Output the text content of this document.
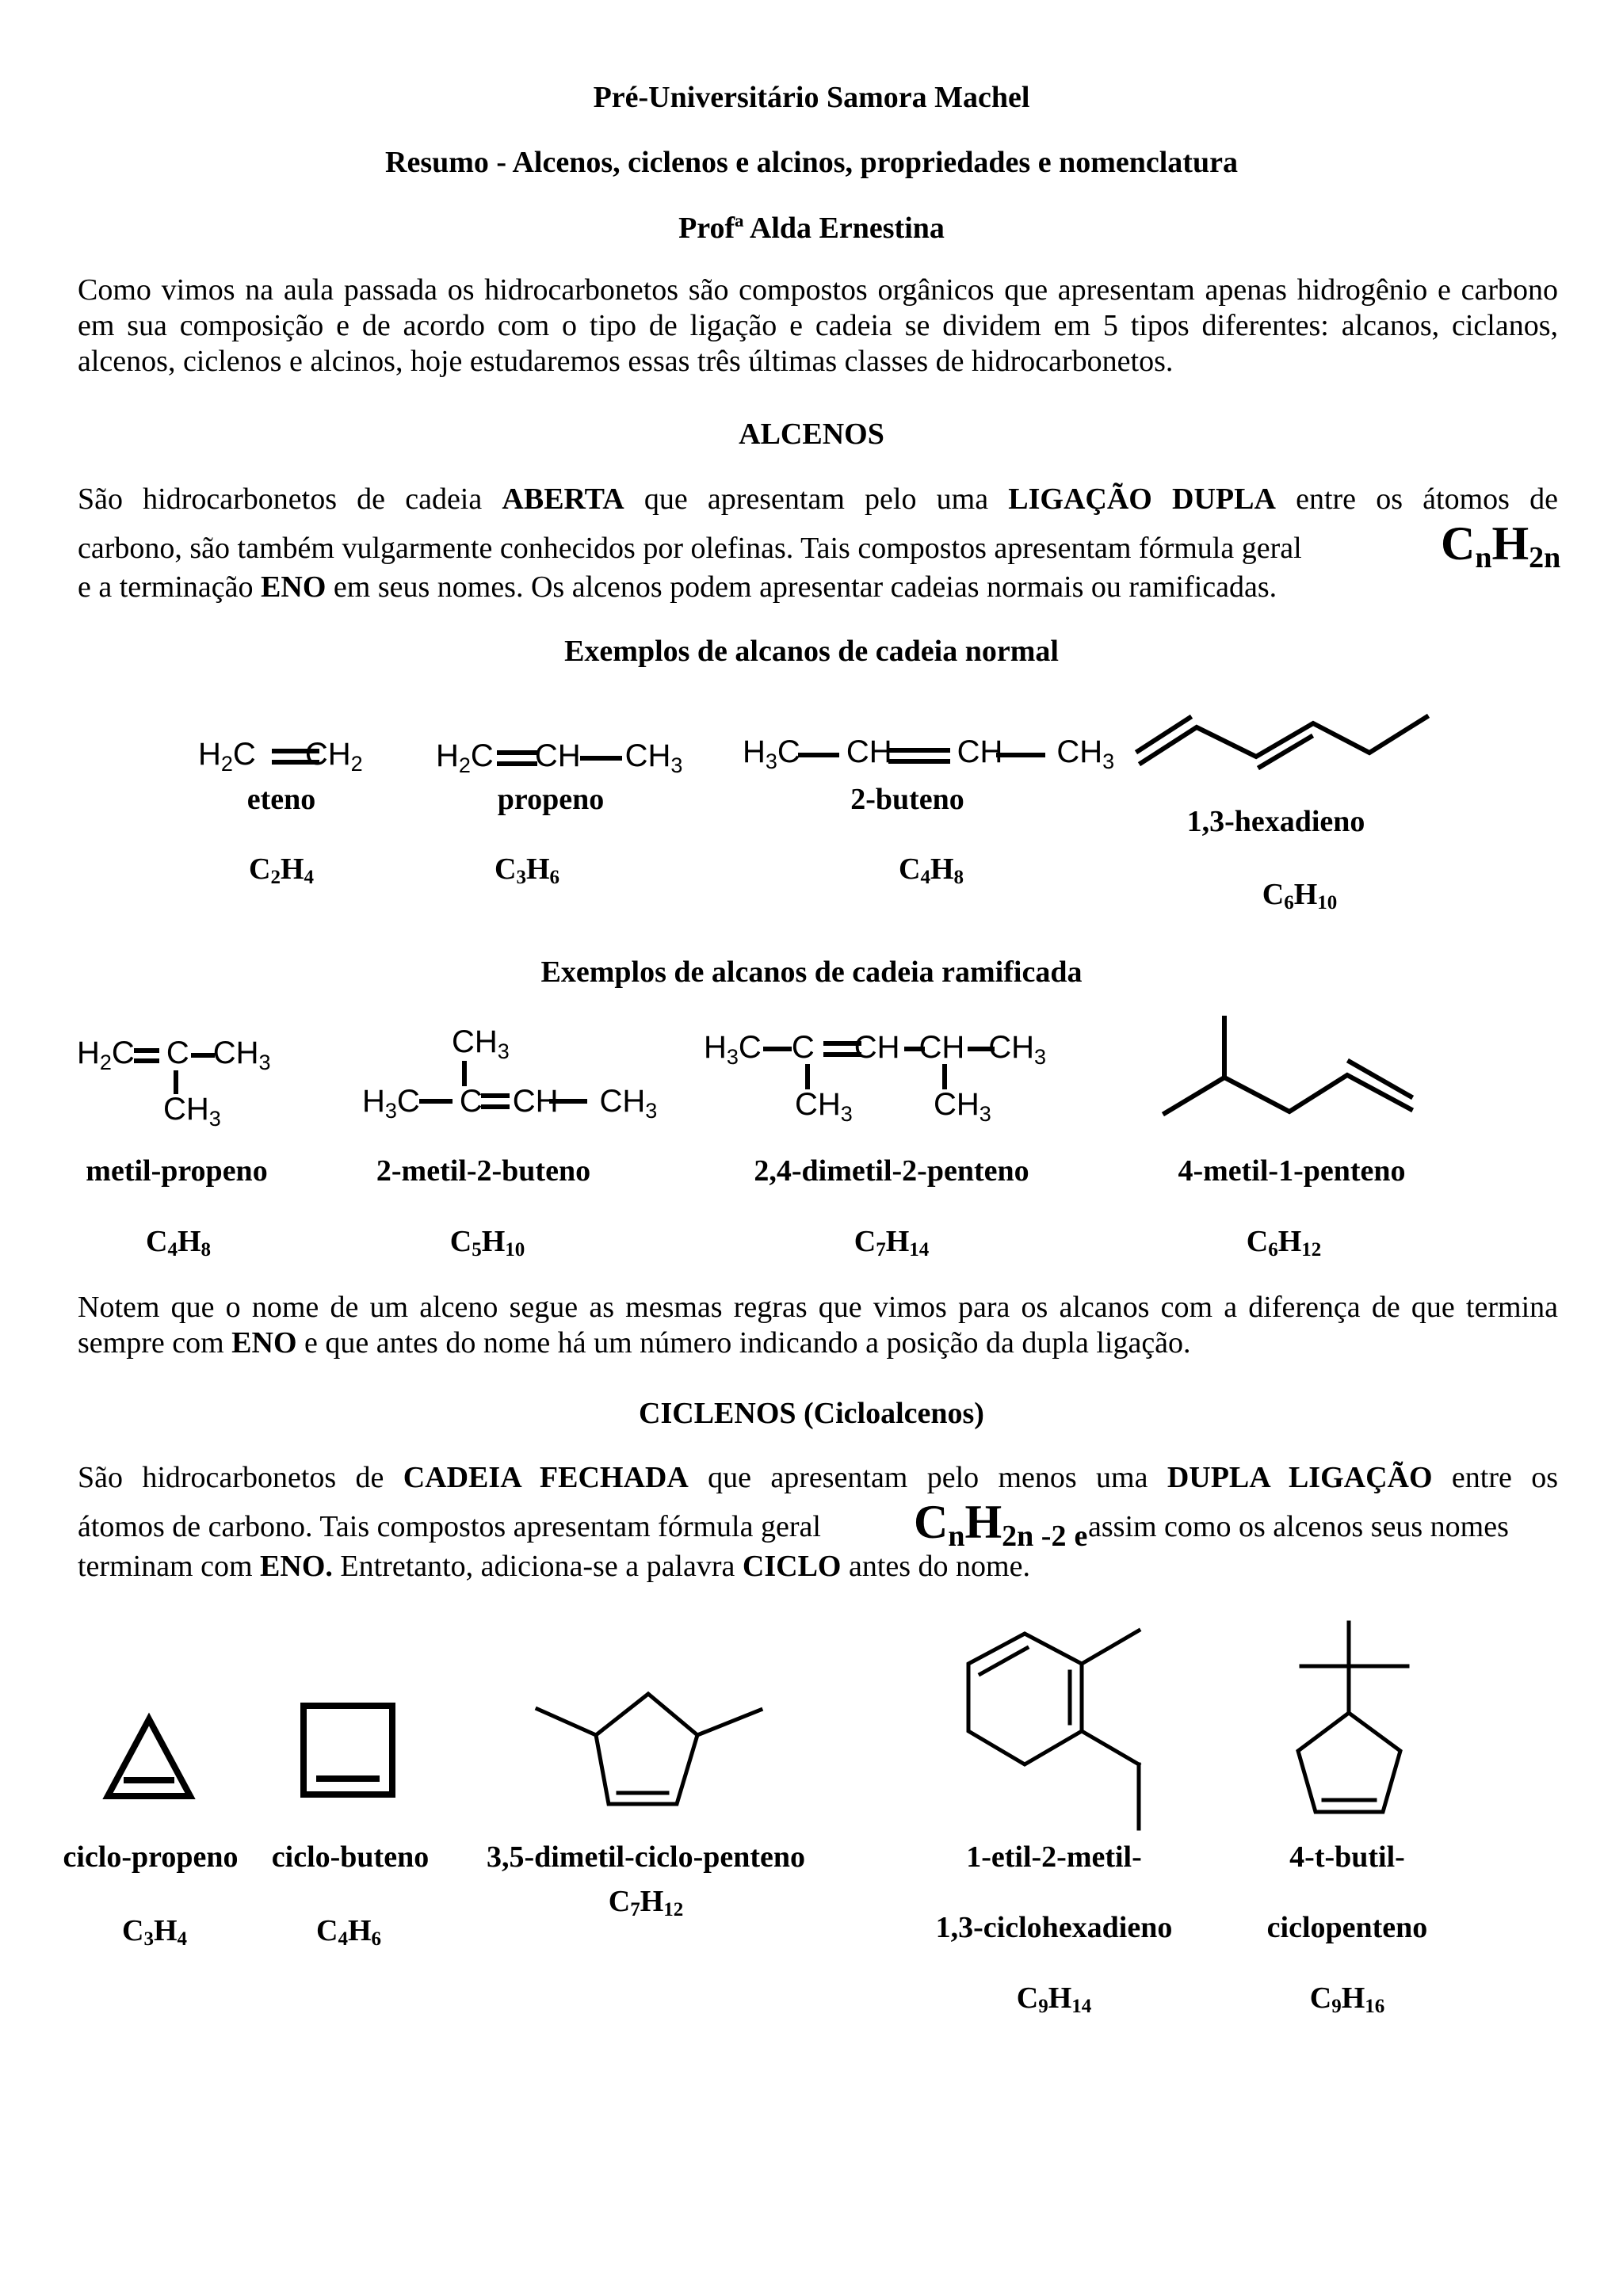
Pré-Universitário Samora Machel
Resumo - Alcenos, ciclenos e alcinos, propriedades e nomenclatura
Profª Alda Ernestina
Como vimos na aula passada os hidrocarbonetos são compostos orgânicos que apresentam apenas hidrogênio e carbono em sua composição e de acordo com o tipo de ligação e cadeia se dividem em 5 tipos diferentes: alcanos, ciclanos, alcenos, ciclenos e alcinos, hoje estudaremos essas três últimas classes de hidrocarbonetos.
ALCENOS
São hidrocarbonetos de cadeia ABERTA que apresentam pelo uma LIGAÇÃO DUPLA entre os átomos de
carbono, são também vulgarmente conhecidos por olefinas. Tais compostos apresentam fórmula geral	$C_nH_{2n}$
e a terminação ENO em seus nomes. Os alcenos podem apresentar cadeias normais ou ramificadas.
Exemplos de alcanos de cadeia normal
$H_2C$ $CH_2$ $H_2C$ CH $CH_3$ $H_3C$ CH CH $CH_3$
eteno	propeno	2-buteno
1,3-hexadieno
$C_2H_4$	$C_3H_6$	$C_4H_8$
$C_6H_{10}$
Exemplos de alcanos de cadeia ramificada
$H_2C$ C $CH_3$
$CH_3$
$CH_3$
$H_3C$ C CH $CH_3$
$H_3C$ C CH CH $CH_3$
$CH_3$	$CH_3$
metil-propeno	2-metil-2-buteno	2,4-dimetil-2-penteno	4-metil-1-penteno
$C_4H_8$	$C_5H_{10}$	$C_7H_{14}$	$C_6H_{12}$
Notem que o nome de um alceno segue as mesmas regras que vimos para os alcanos com a diferença de que termina sempre com ENO e que antes do nome há um número indicando a posição da dupla ligação.
CICLENOS (Cicloalcenos)
São hidrocarbonetos de CADEIA FECHADA que apresentam pelo menos uma DUPLA LIGAÇÃO entre os
átomos de carbono. Tais compostos apresentam fórmula geral	$C_nH_{2n -2}$ $_e$ assim como os alcenos seus nomes
terminam com ENO. Entretanto, adiciona-se a palavra CICLO antes do nome.
ciclo-propeno	ciclo-buteno	3,5-dimetil-ciclo-penteno	1-etil-2-metil-
1,3-ciclohexadieno
4-t-butil-
ciclopenteno
$C_3H_4$	$C_4H_6$
$C_7H_{12}$
$C_9H_{14}$	$C_9H_{16}$
